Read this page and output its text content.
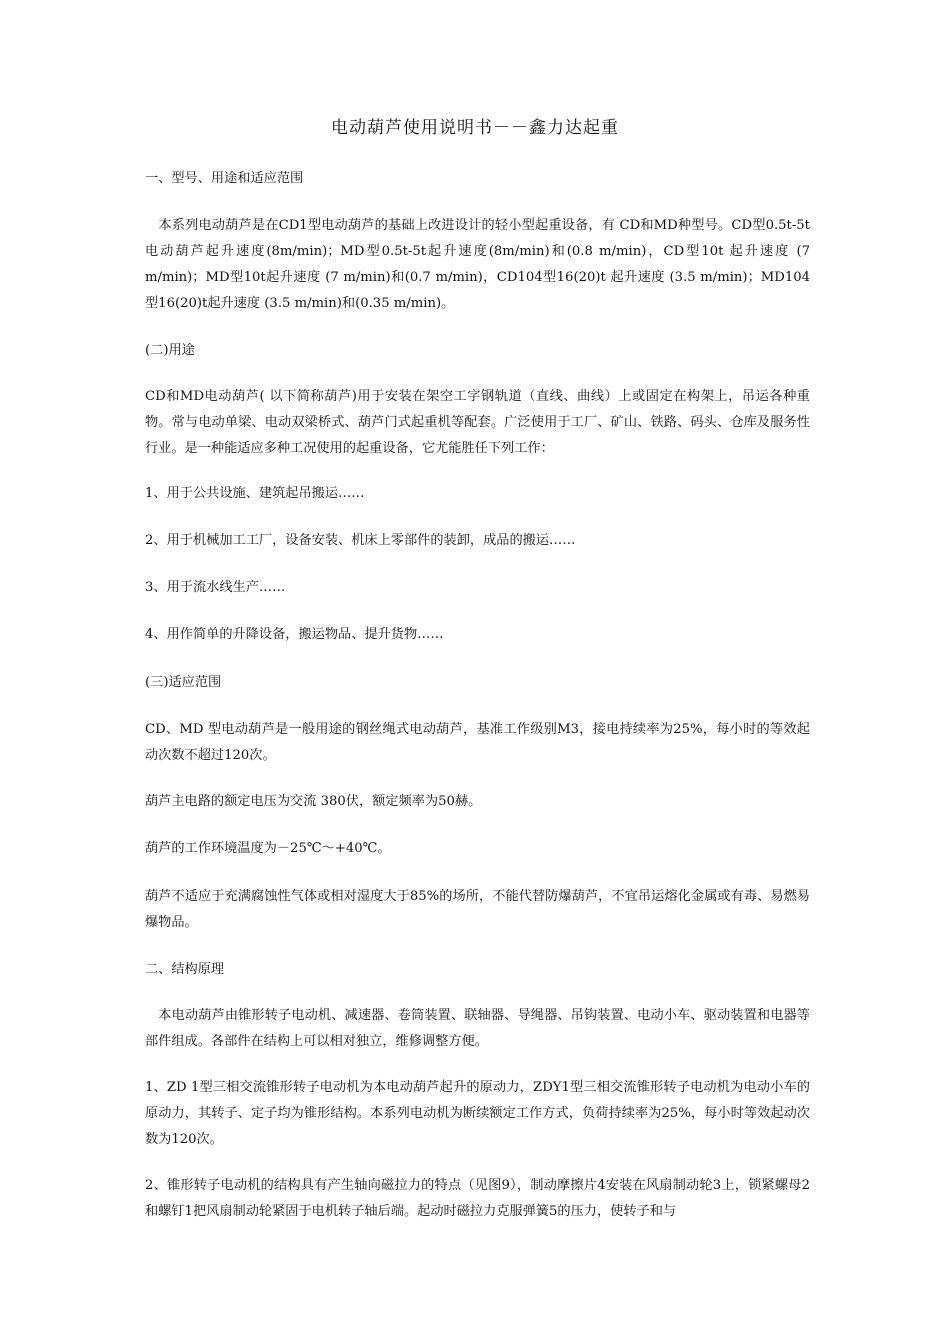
电动葫芦使用说明书－－鑫力达起重

一、型号、用途和适应范围

　本系列电动葫芦是在CD1型电动葫芦的基础上改进设计的轻小型起重设备，有 CD和MD种型号。CD型0.5t-5t电动葫芦起升速度(8m/min)；MD型0.5t-5t起升速度(8m/min)和(0.8 m/min)，CD型10t 起升速度 (7 m/min)；MD型10t起升速度 (7 m/min)和(0.7 m/min)，CD104型16(20)t 起升速度 (3.5 m/min)；MD104型16(20)t起升速度 (3.5 m/min)和(0.35 m/min)。

(二)用途

CD和MD电动葫芦( 以下简称葫芦)用于安装在架空工字钢轨道（直线、曲线）上或固定在构架上，吊运各种重物。常与电动单梁、电动双梁桥式、葫芦门式起重机等配套。广泛使用于工厂、矿山、铁路、码头、仓库及服务性行业。是一种能适应多种工况使用的起重设备，它尤能胜任下列工作：

1、用于公共设施、建筑起吊搬运……

2、用于机械加工工厂，设备安装、机床上零部件的装卸，成品的搬运……

3、用于流水线生产……

4、用作简单的升降设备，搬运物品、提升货物……

(三)适应范围

CD、MD 型电动葫芦是一般用途的钢丝绳式电动葫芦，基准工作级别M3，接电持续率为25%，每小时的等效起动次数不超过120次。

葫芦主电路的额定电压为交流 380伏，额定频率为50赫。

葫芦的工作环境温度为－25℃～+40℃。

葫芦不适应于充满腐蚀性气体或相对湿度大于85%的场所，不能代替防爆葫芦，不宜吊运熔化金属或有毒、易燃易爆物品。

二、结构原理

　本电动葫芦由锥形转子电动机、减速器、卷筒装置、联轴器、导绳器、吊钩装置、电动小车、驱动装置和电器等部件组成。各部件在结构上可以相对独立，维修调整方便。

1、ZD 1型三相交流锥形转子电动机为本电动葫芦起升的原动力，ZDY1型三相交流锥形转子电动机为电动小车的原动力，其转子、定子均为锥形结构。本系列电动机为断续额定工作方式，负荷持续率为25%，每小时等效起动次数为120次。

2、锥形转子电动机的结构具有产生轴向磁拉力的特点（见图9），制动摩擦片4安装在风扇制动轮3上，锁紧螺母2和螺钉1把风扇制动轮紧固于电机转子轴后端。起动时磁拉力克服弹簧5的压力，使转子和与
